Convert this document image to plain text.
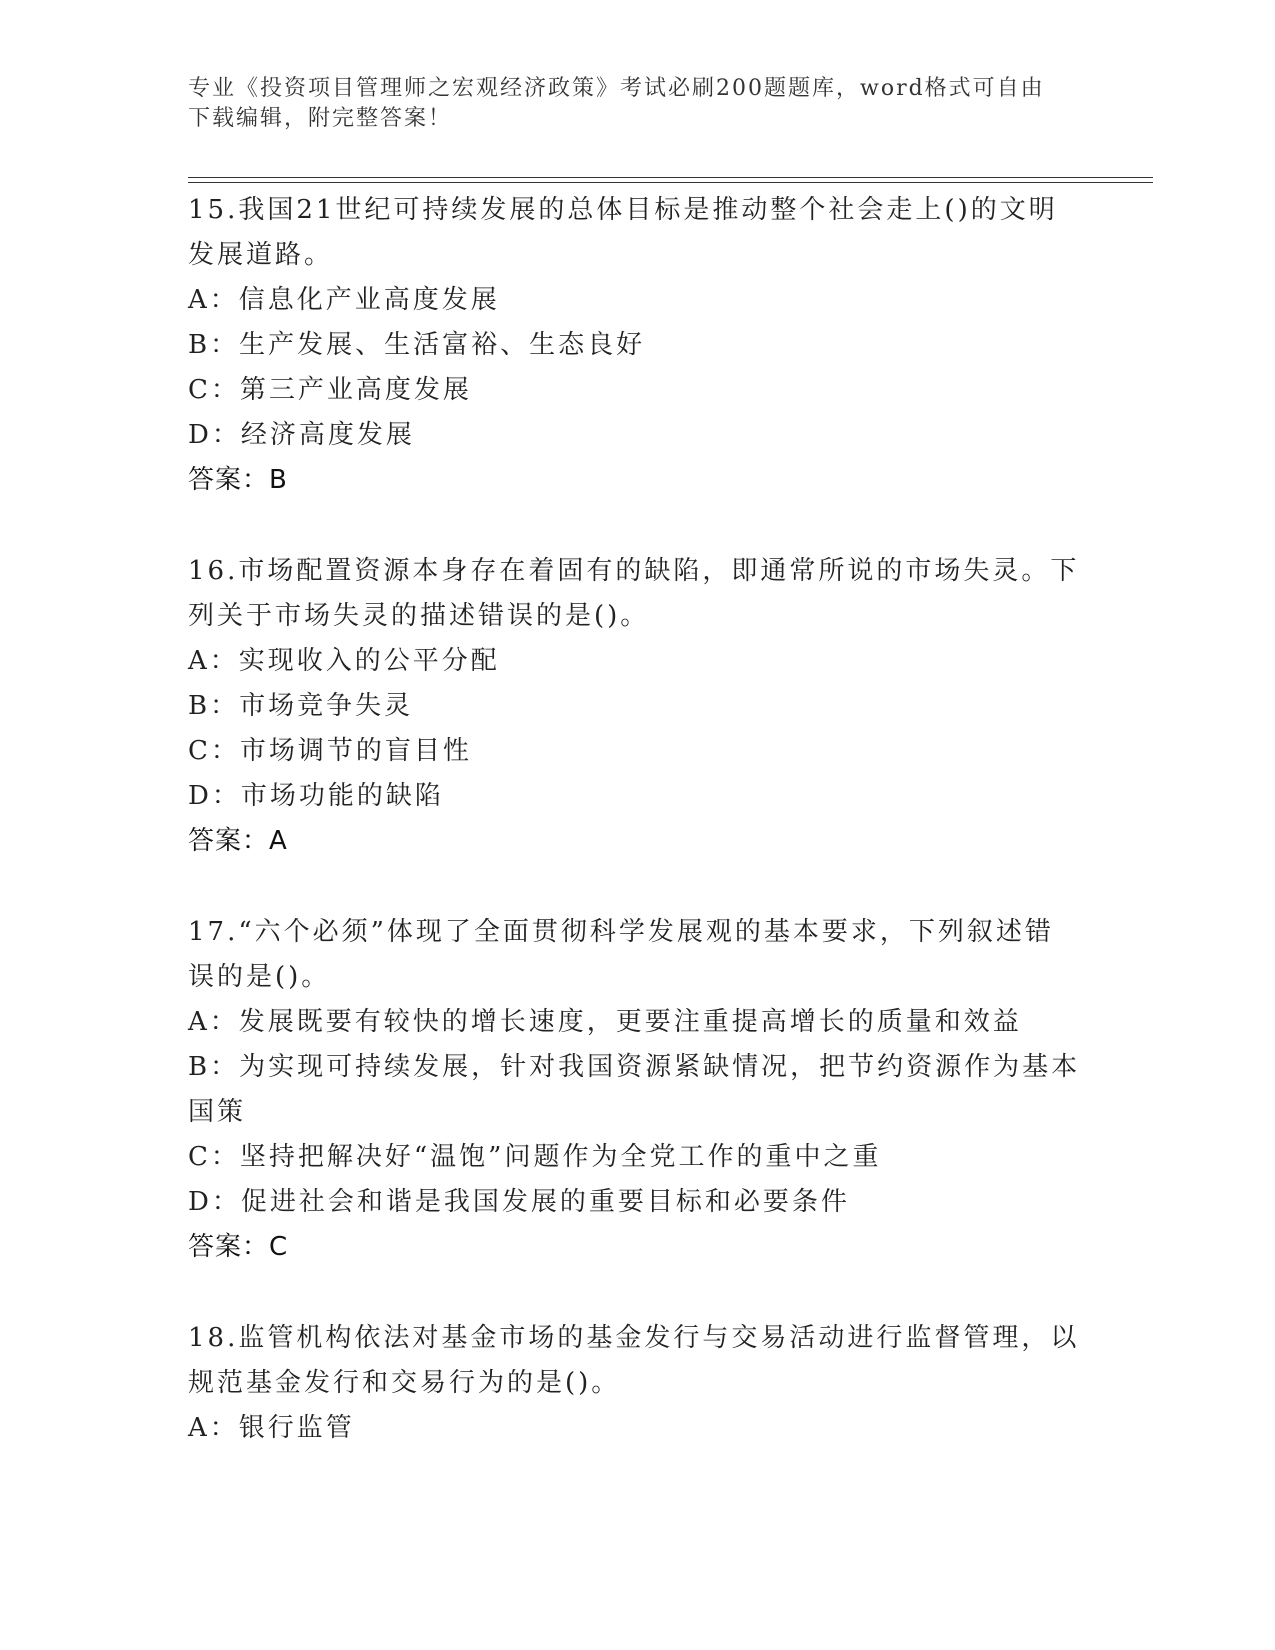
专业《投资项目管理师之宏观经济政策》考试必刷200题题库，word格式可自由
下载编辑，附完整答案！

15.我国21世纪可持续发展的总体目标是推动整个社会走上()的文明

发展道路。

A：信息化产业高度发展

B：生产发展、生活富裕、生态良好

C：第三产业高度发展

D：经济高度发展

答案：B

16.市场配置资源本身存在着固有的缺陷，即通常所说的市场失灵。下

列关于市场失灵的描述错误的是()。

A：实现收入的公平分配

B：市场竞争失灵

C：市场调节的盲目性

D：市场功能的缺陷

答案：A

17.“六个必须”体现了全面贯彻科学发展观的基本要求，下列叙述错

误的是()。

A：发展既要有较快的增长速度，更要注重提高增长的质量和效益

B：为实现可持续发展，针对我国资源紧缺情况，把节约资源作为基本

国策

C：坚持把解决好“温饱”问题作为全党工作的重中之重

D：促进社会和谐是我国发展的重要目标和必要条件

答案：C

18.监管机构依法对基金市场的基金发行与交易活动进行监督管理，以

规范基金发行和交易行为的是()。

A：银行监管
